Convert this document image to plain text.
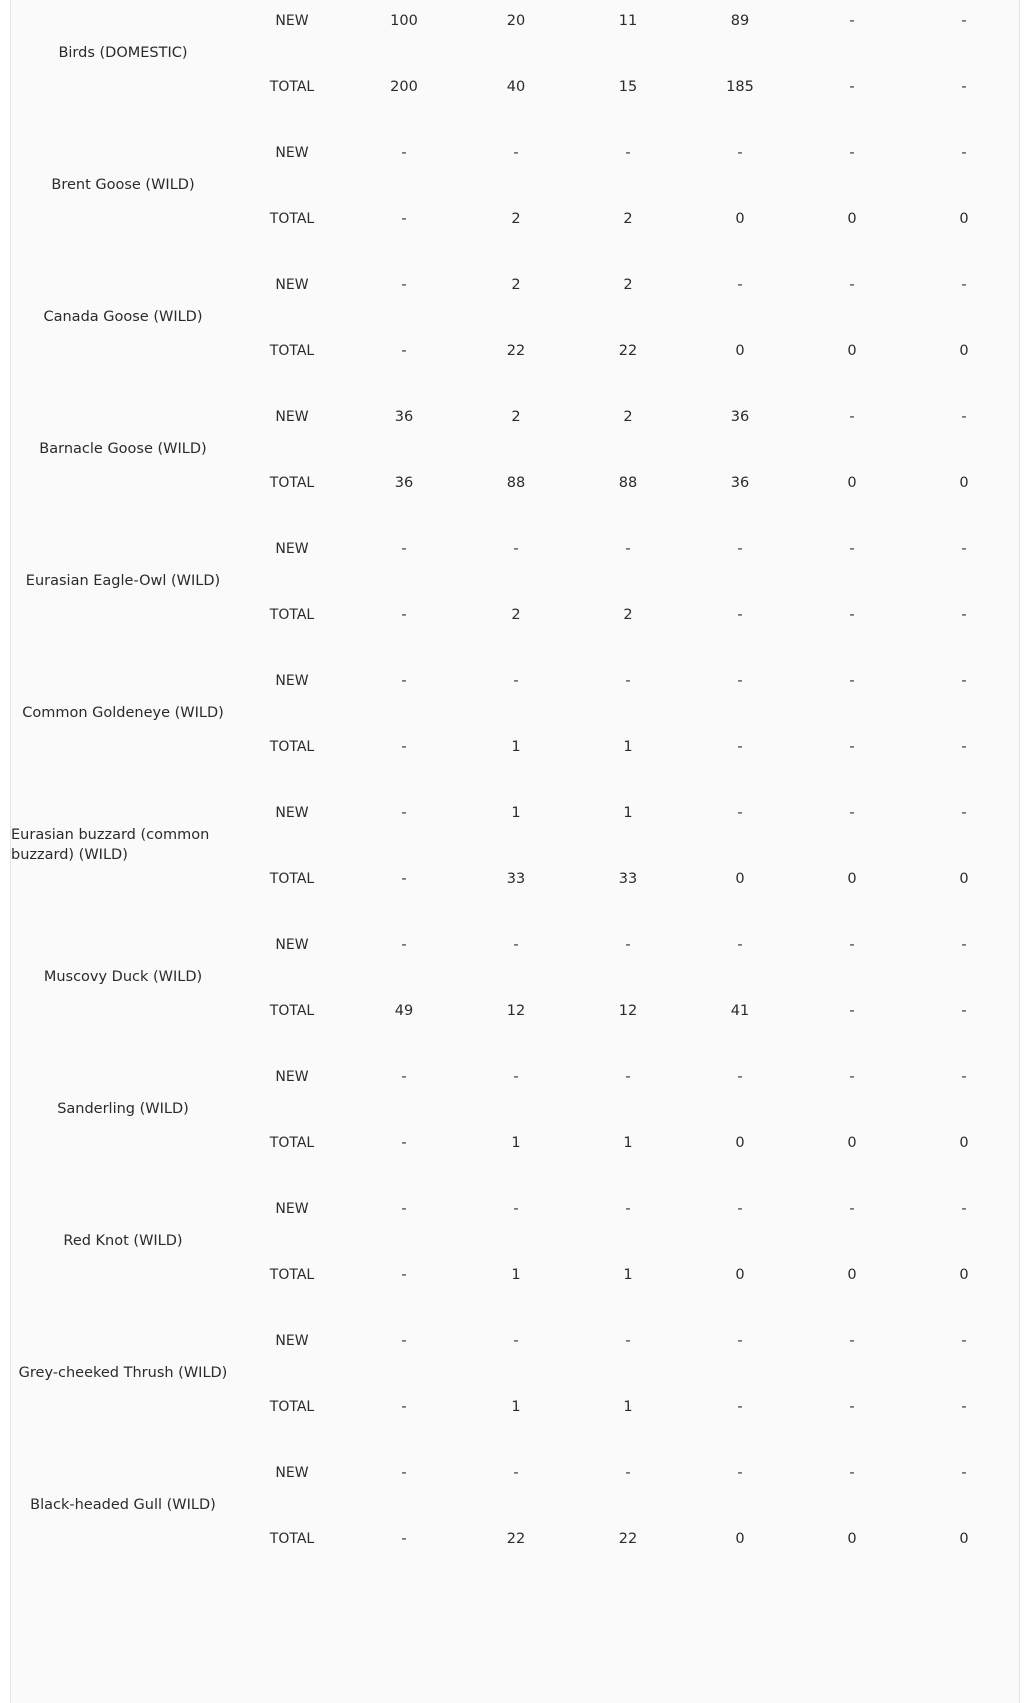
Birds (DOMESTIC)
NEW	100	20	11	89	-	-
TOTAL	200	40	15	185	-	-
Brent Goose (WILD)
NEW	-	-	-	-	-	-
TOTAL	-	2	2	0	0	0
Canada Goose (WILD)
NEW	-	2	2	-	-	-
TOTAL	-	22	22	0	0	0
Barnacle Goose (WILD)
NEW	36	2	2	36	-	-
TOTAL	36	88	88	36	0	0
Eurasian Eagle-Owl (WILD)
NEW	-	-	-	-	-	-
TOTAL	-	2	2	-	-	-
Common Goldeneye (WILD)
NEW	-	-	-	-	-	-
TOTAL	-	1	1	-	-	-
Eurasian buzzard (common buzzard) (WILD)
NEW	-	1	1	-	-	-
TOTAL	-	33	33	0	0	0
Muscovy Duck (WILD)
NEW	-	-	-	-	-	-
TOTAL	49	12	12	41	-	-
Sanderling (WILD)
NEW	-	-	-	-	-	-
TOTAL	-	1	1	0	0	0
Red Knot (WILD)
NEW	-	-	-	-	-	-
TOTAL	-	1	1	0	0	0
Grey-cheeked Thrush (WILD)
NEW	-	-	-	-	-	-
TOTAL	-	1	1	-	-	-
Black-headed Gull (WILD)
NEW	-	-	-	-	-	-
TOTAL	-	22	22	0	0	0
